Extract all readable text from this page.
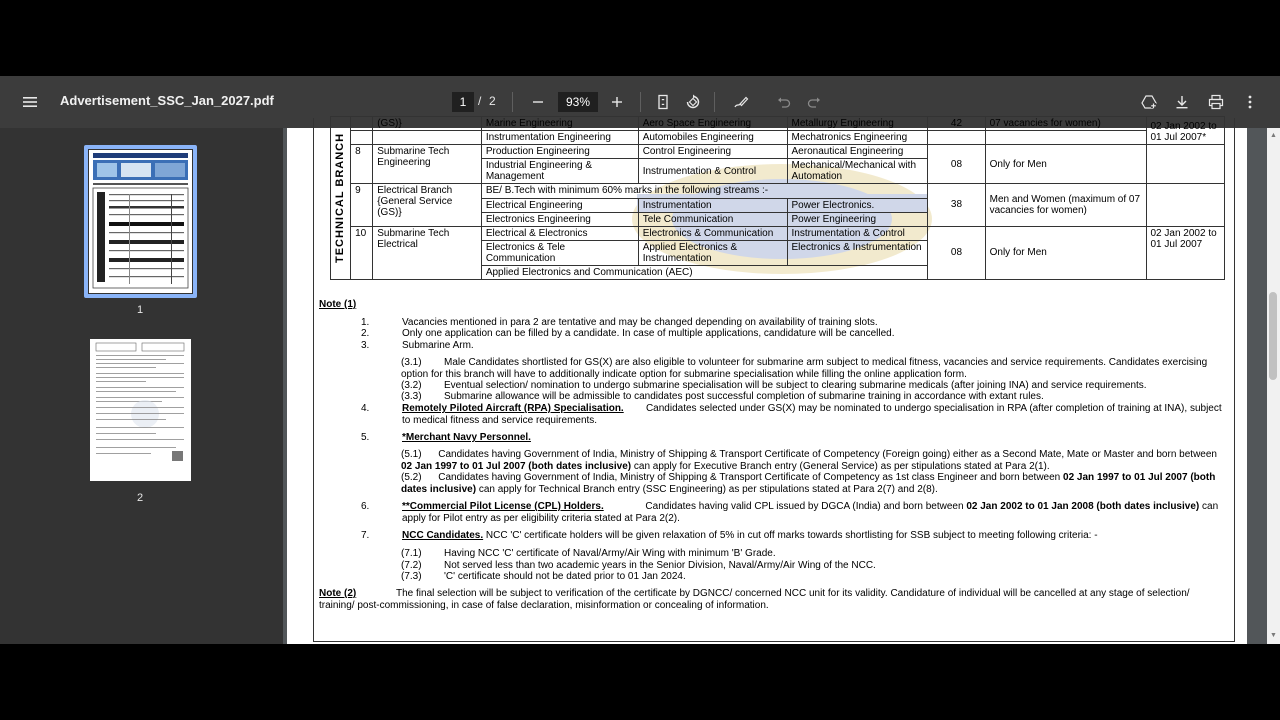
Advertisement_SSC_Jan_2027.pdf	1 / 2	93%
1
2
TECHNICAL BRANCH		(GS)}	Marine Engineering	Aero Space Engineering	Metallurgy Engineering	42	07 vacancies for women)	02 Jan 2002 to 01 Jul 2007*
			Instrumentation Engineering	Automobiles Engineering	Mechatronics Engineering			
	8	Submarine Tech Engineering	Production Engineering	Control Engineering	Aeronautical Engineering	08	Only for Men	
			Industrial Engineering & Management	Instrumentation & Control	Mechanical/Mechanical with Automation			
	9	Electrical Branch {General Service (GS)}	BE/ B.Tech with minimum 60% marks in the following streams :-			38	Men and Women (maximum of 07 vacancies for women)	
			Electrical Engineering	Instrumentation	Power Electronics.			
			Electronics Engineering	Tele Communication	Power Engineering			
	10	Submarine Tech Electrical	Electrical & Electronics	Electronics & Communication	Instrumentation & Control	08	Only for Men	02 Jan 2002 to 01 Jul 2007
			Electronics & Tele Communication	Applied Electronics & Instrumentation	Electronics & Instrumentation			
			Applied Electronics and Communication (AEC)					
Note (1)
1.	Vacancies mentioned in para 2 are tentative and may be changed depending on availability of training slots.
2.	Only one application can be filled by a candidate. In case of multiple applications, candidature will be cancelled.
3.	Submarine Arm.
(3.1)	Male Candidates shortlisted for GS(X) are also eligible to volunteer for submarine arm subject to medical fitness, vacancies and service requirements. Candidates exercising option for this branch will have to additionally indicate option for submarine specialisation while filling the online application form.
(3.2) Eventual selection/ nomination to undergo submarine specialisation will be subject to clearing submarine medicals (after joining INA) and service requirements.
(3.3) Submarine allowance will be admissible to candidates post successful completion of submarine training in accordance with extant rules.
4.	Remotely Piloted Aircraft (RPA) Specialisation. Candidates selected under GS(X) may be nominated to undergo specialisation in RPA (after completion of training at INA), subject to medical fitness and service requirements.
5.	*Merchant Navy Personnel.
(5.1) Candidates having Government of India, Ministry of Shipping & Transport Certificate of Competency (Foreign going) either as a Second Mate, Mate or Master and born between 02 Jan 1997 to 01 Jul 2007 (both dates inclusive) can apply for Executive Branch entry (General Service) as per stipulations stated at Para 2(1).
(5.2) Candidates having Government of India, Ministry of Shipping & Transport Certificate of Competency as 1st class Engineer and born between 02 Jan 1997 to 01 Jul 2007 (both dates inclusive) can apply for Technical Branch entry (SSC Engineering) as per stipulations stated at Para 2(7) and 2(8).
6.	**Commercial Pilot License (CPL) Holders.	Candidates having valid CPL issued by DGCA (India) and born between 02 Jan 2002 to 01 Jan 2008 (both dates inclusive) can apply for Pilot entry as per eligibility criteria stated at Para 2(2).
7.	NCC Candidates. NCC 'C' certificate holders will be given relaxation of 5% in cut off marks towards shortlisting for SSB subject to meeting following criteria: -
(7.1) Having NCC 'C' certificate of Naval/Army/Air Wing with minimum 'B' Grade.
(7.2) Not served less than two academic years in the Senior Division, Naval/Army/Air Wing of the NCC.
(7.3) 'C' certificate should not be dated prior to 01 Jan 2024.
Note (2)	The final selection will be subject to verification of the certificate by DGNCC/ concerned NCC unit for its validity. Candidature of individual will be cancelled at any stage of selection/ training/ post-commissioning, in case of false declaration, misinformation or concealing of information.
▲
▼
